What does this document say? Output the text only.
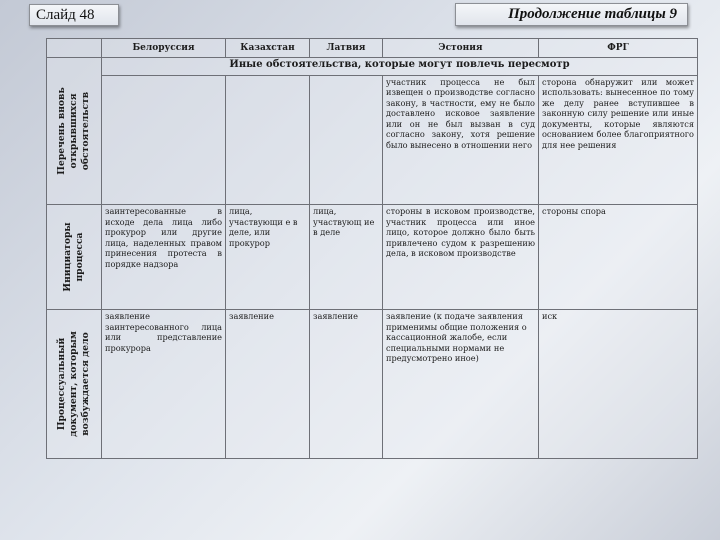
Слайд 48	Продолжение таблицы 9
	Белоруссия	Казахстан	Латвия	Эстония	ФРГ

Перечень вновь открывшихся обстоятельств	Иные обстоятельства, которые могут повлечь пересмотр				
				участник процесса не был извещен о производстве согласно закону, в частности, ему не было доставлено исковое заявление или он не был вызван в суд согласно закону, хотя решение было вынесено в отношении него	сторона обнаружит или может использовать: вынесенное по тому же делу ранее вступившее в законную силу решение или иные документы, которые являются основанием более благоприятного для нее решения

Инициаторы процесса	заинтересованные в исходе дела лица либо прокурор или другие лица, наделенных правом принесения протеста в порядке надзора	лица, участвующи е в деле, или прокурор	лица, участвующ ие в деле	стороны в исковом производстве, участник процесса или иное лицо, которое должно было быть привлечено судом к разрешению дела, в исковом производстве	стороны спора

Процессуальный документ, которым возбуждается дело	заявление заинтересованного лица или представление прокурора	заявление	заявление	заявление (к подаче заявления применимы общие положения о кассационной жалобе, если специальными нормами не предусмотрено иное)	иск
